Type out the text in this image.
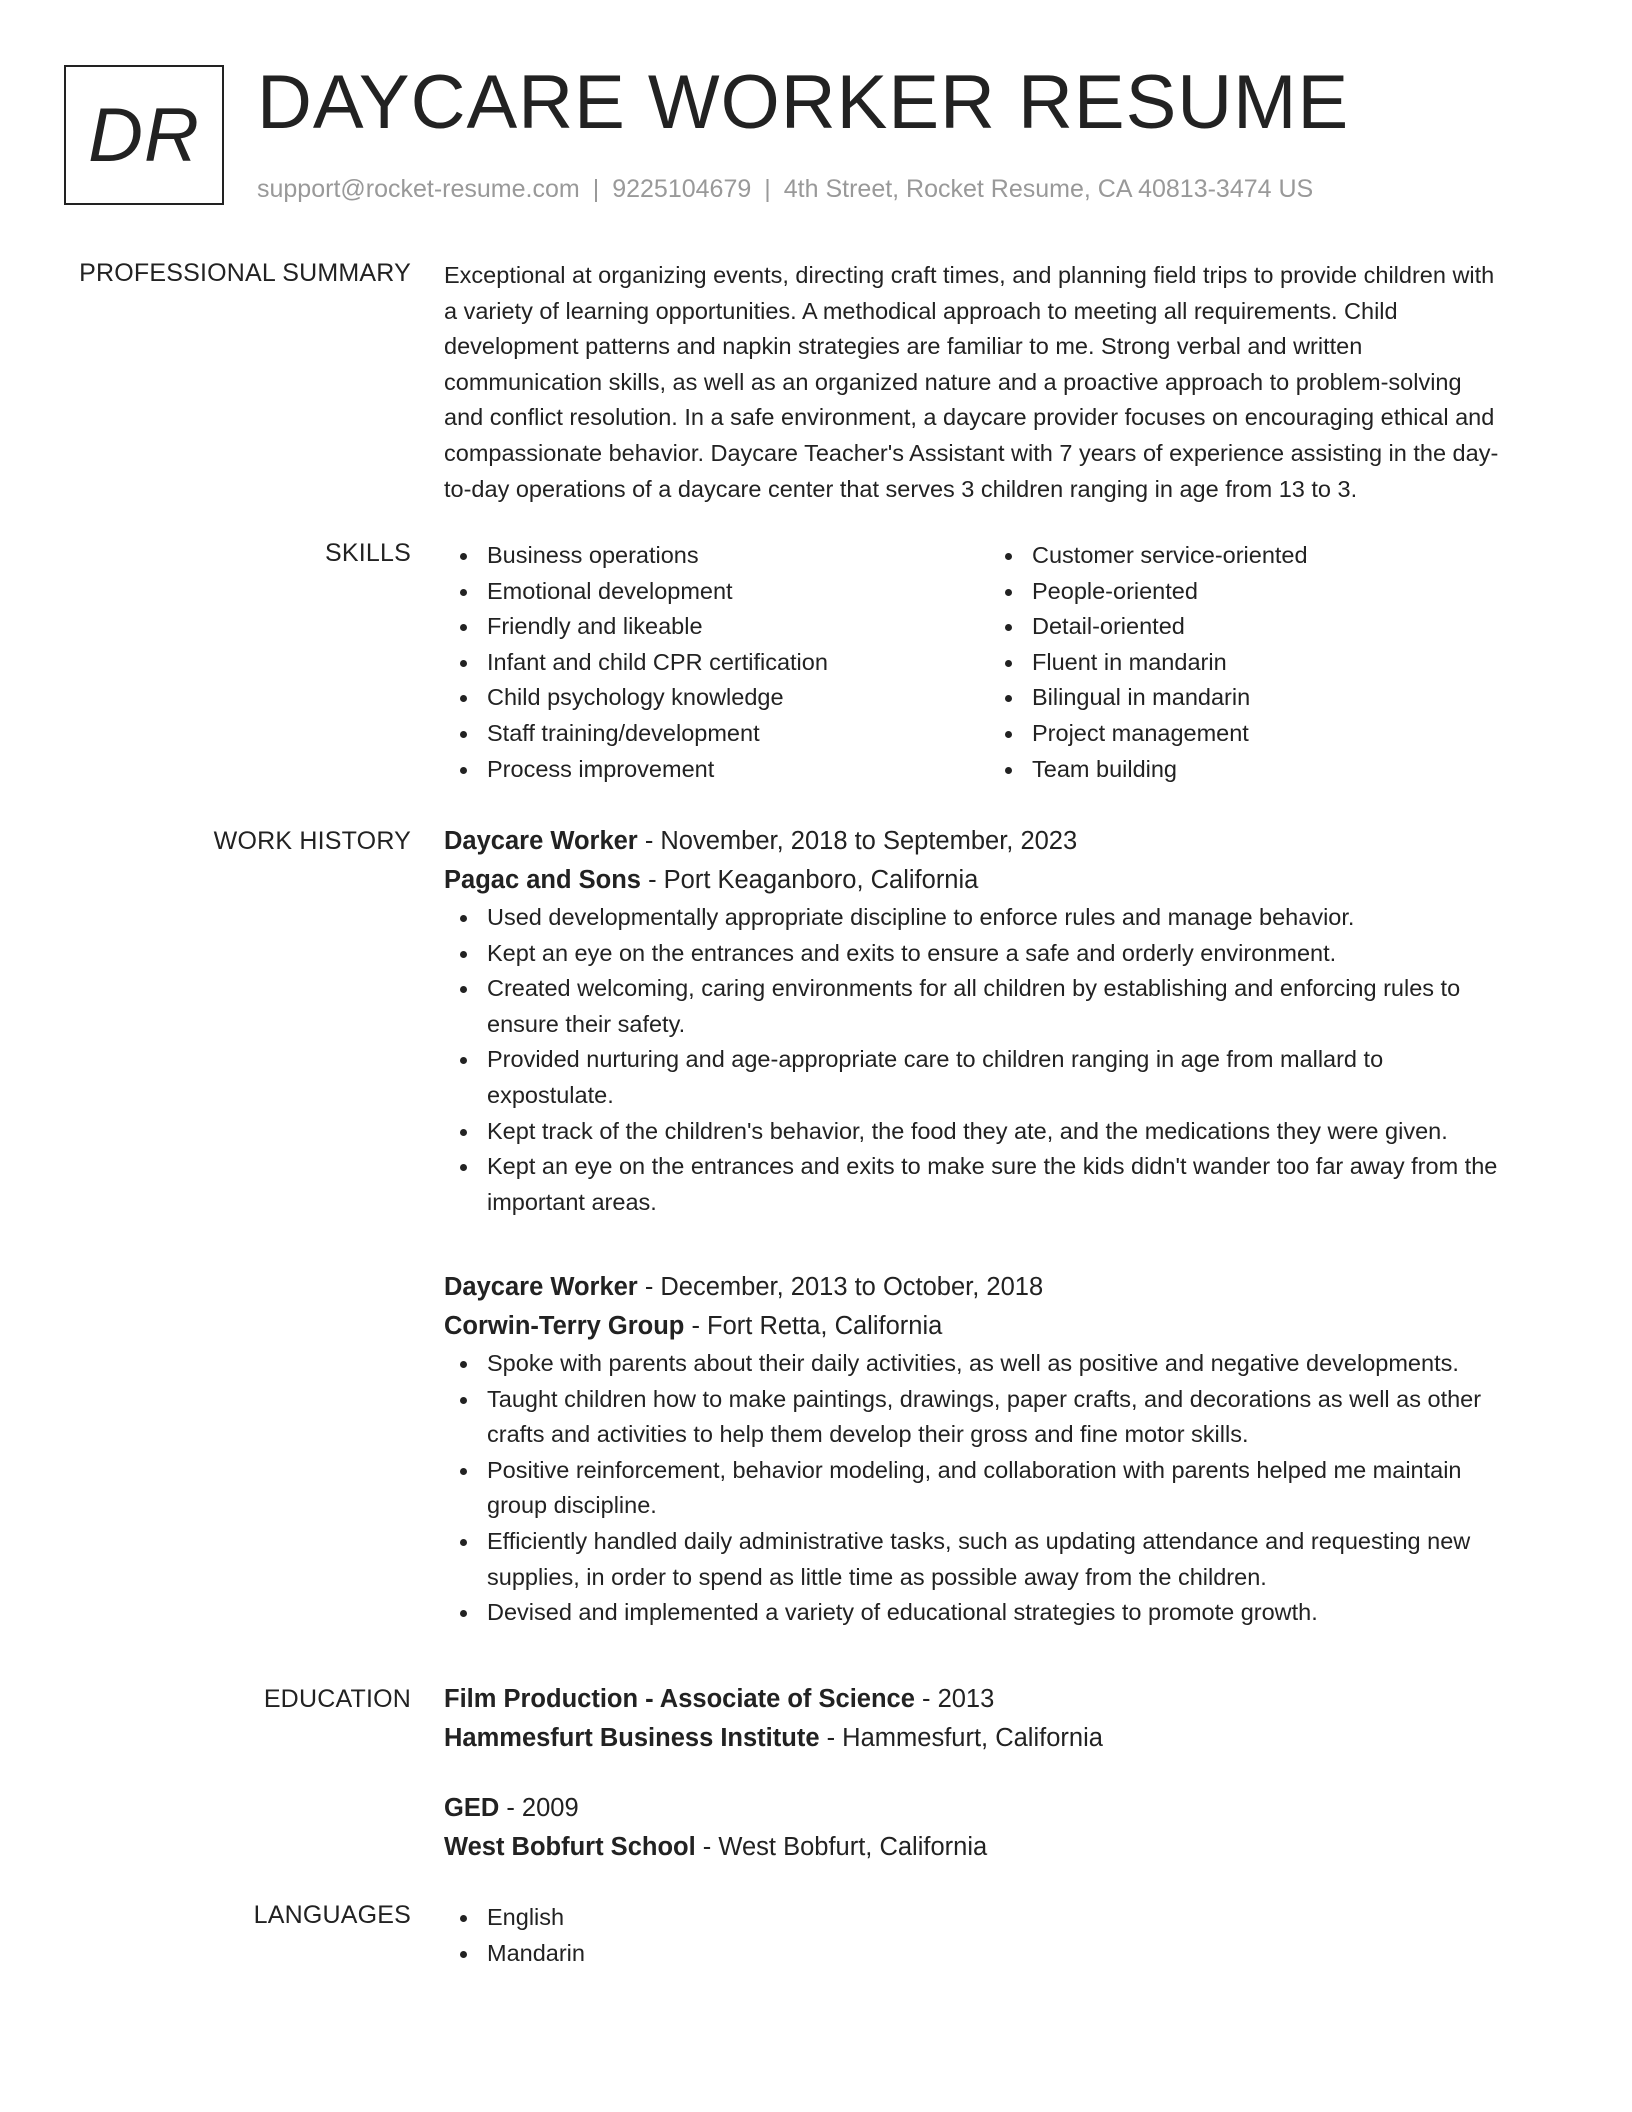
DR DAYCARE WORKER RESUME
support@rocket-resume.com | 9225104679 | 4th Street, Rocket Resume, CA 40813-3474 US
PROFESSIONAL SUMMARY Exceptional at organizing events, directing craft times, and planning field trips to provide children with
a variety of learning opportunities. A methodical approach to meeting all requirements. Child
development patterns and napkin strategies are familiar to me. Strong verbal and written
communication skills, as well as an organized nature and a proactive approach to problem-solving
and conflict resolution. In a safe environment, a daycare provider focuses on encouraging ethical and
compassionate behavior. Daycare Teacher's Assistant with 7 years of experience assisting in the day-
to-day operations of a daycare center that serves 3 children ranging in age from 13 to 3.
SKILLS	Business operations
Emotional development
Friendly and likeable
Infant and child CPR certification
Child psychology knowledge
Staff training/development
Process improvement
Customer service-oriented
People-oriented
Detail-oriented
Fluent in mandarin
Bilingual in mandarin
Project management
Team building
WORK HISTORY Daycare Worker - November, 2018 to September, 2023
Pagac and Sons - Port Keaganboro, California
Used developmentally appropriate discipline to enforce rules and manage behavior.
Kept an eye on the entrances and exits to ensure a safe and orderly environment.
Created welcoming, caring environments for all children by establishing and enforcing rules to
ensure their safety.
Provided nurturing and age-appropriate care to children ranging in age from mallard to
expostulate.
Kept track of the children's behavior, the food they ate, and the medications they were given.
Kept an eye on the entrances and exits to make sure the kids didn't wander too far away from the
important areas.
Daycare Worker - December, 2013 to October, 2018
Corwin-Terry Group - Fort Retta, California
Spoke with parents about their daily activities, as well as positive and negative developments.
Taught children how to make paintings, drawings, paper crafts, and decorations as well as other
crafts and activities to help them develop their gross and fine motor skills.
Positive reinforcement, behavior modeling, and collaboration with parents helped me maintain
group discipline.
Efficiently handled daily administrative tasks, such as updating attendance and requesting new
supplies, in order to spend as little time as possible away from the children.
Devised and implemented a variety of educational strategies to promote growth.
EDUCATION Film Production - Associate of Science - 2013
Hammesfurt Business Institute - Hammesfurt, California
GED - 2009
West Bobfurt School - West Bobfurt, California
LANGUAGES	English
Mandarin
